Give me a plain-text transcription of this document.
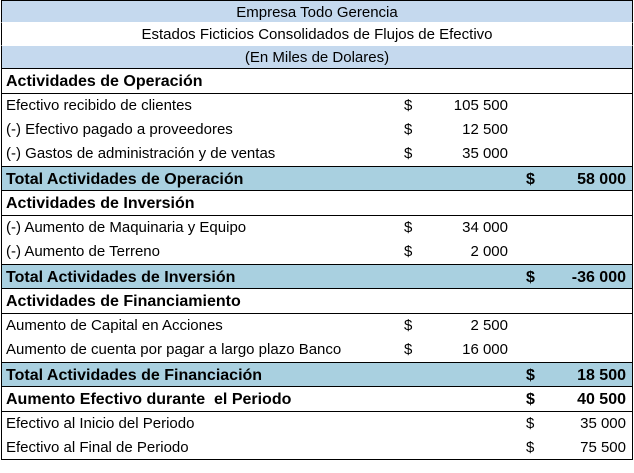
Empresa Todo Gerencia
Estados Ficticios Consolidados de Flujos de Efectivo
(En Miles de Dolares)
Actividades de Operación
Efectivo recibido de clientes	$	105 500
(-) Efectivo pagado a proveedores	$	12 500
(-) Gastos de administración y de ventas	$	35 000
Total Actividades de Operación	$	58 000
Actividades de Inversión
(-) Aumento de Maquinaria y Equipo	$	34 000
(-) Aumento de Terreno	$	2 000
Total Actividades de Inversión	$ -36 000
Actividades de Financiamiento
Aumento de Capital en Acciones	$	2 500
Aumento de cuenta por pagar a largo plazo Banco	$	16 000
Total Actividades de Financiación	$	18 500
Aumento Efectivo durante  el Periodo	$	40 500
Efectivo al Inicio del Periodo	$	35 000
Efectivo al Final de Periodo	$	75 500
